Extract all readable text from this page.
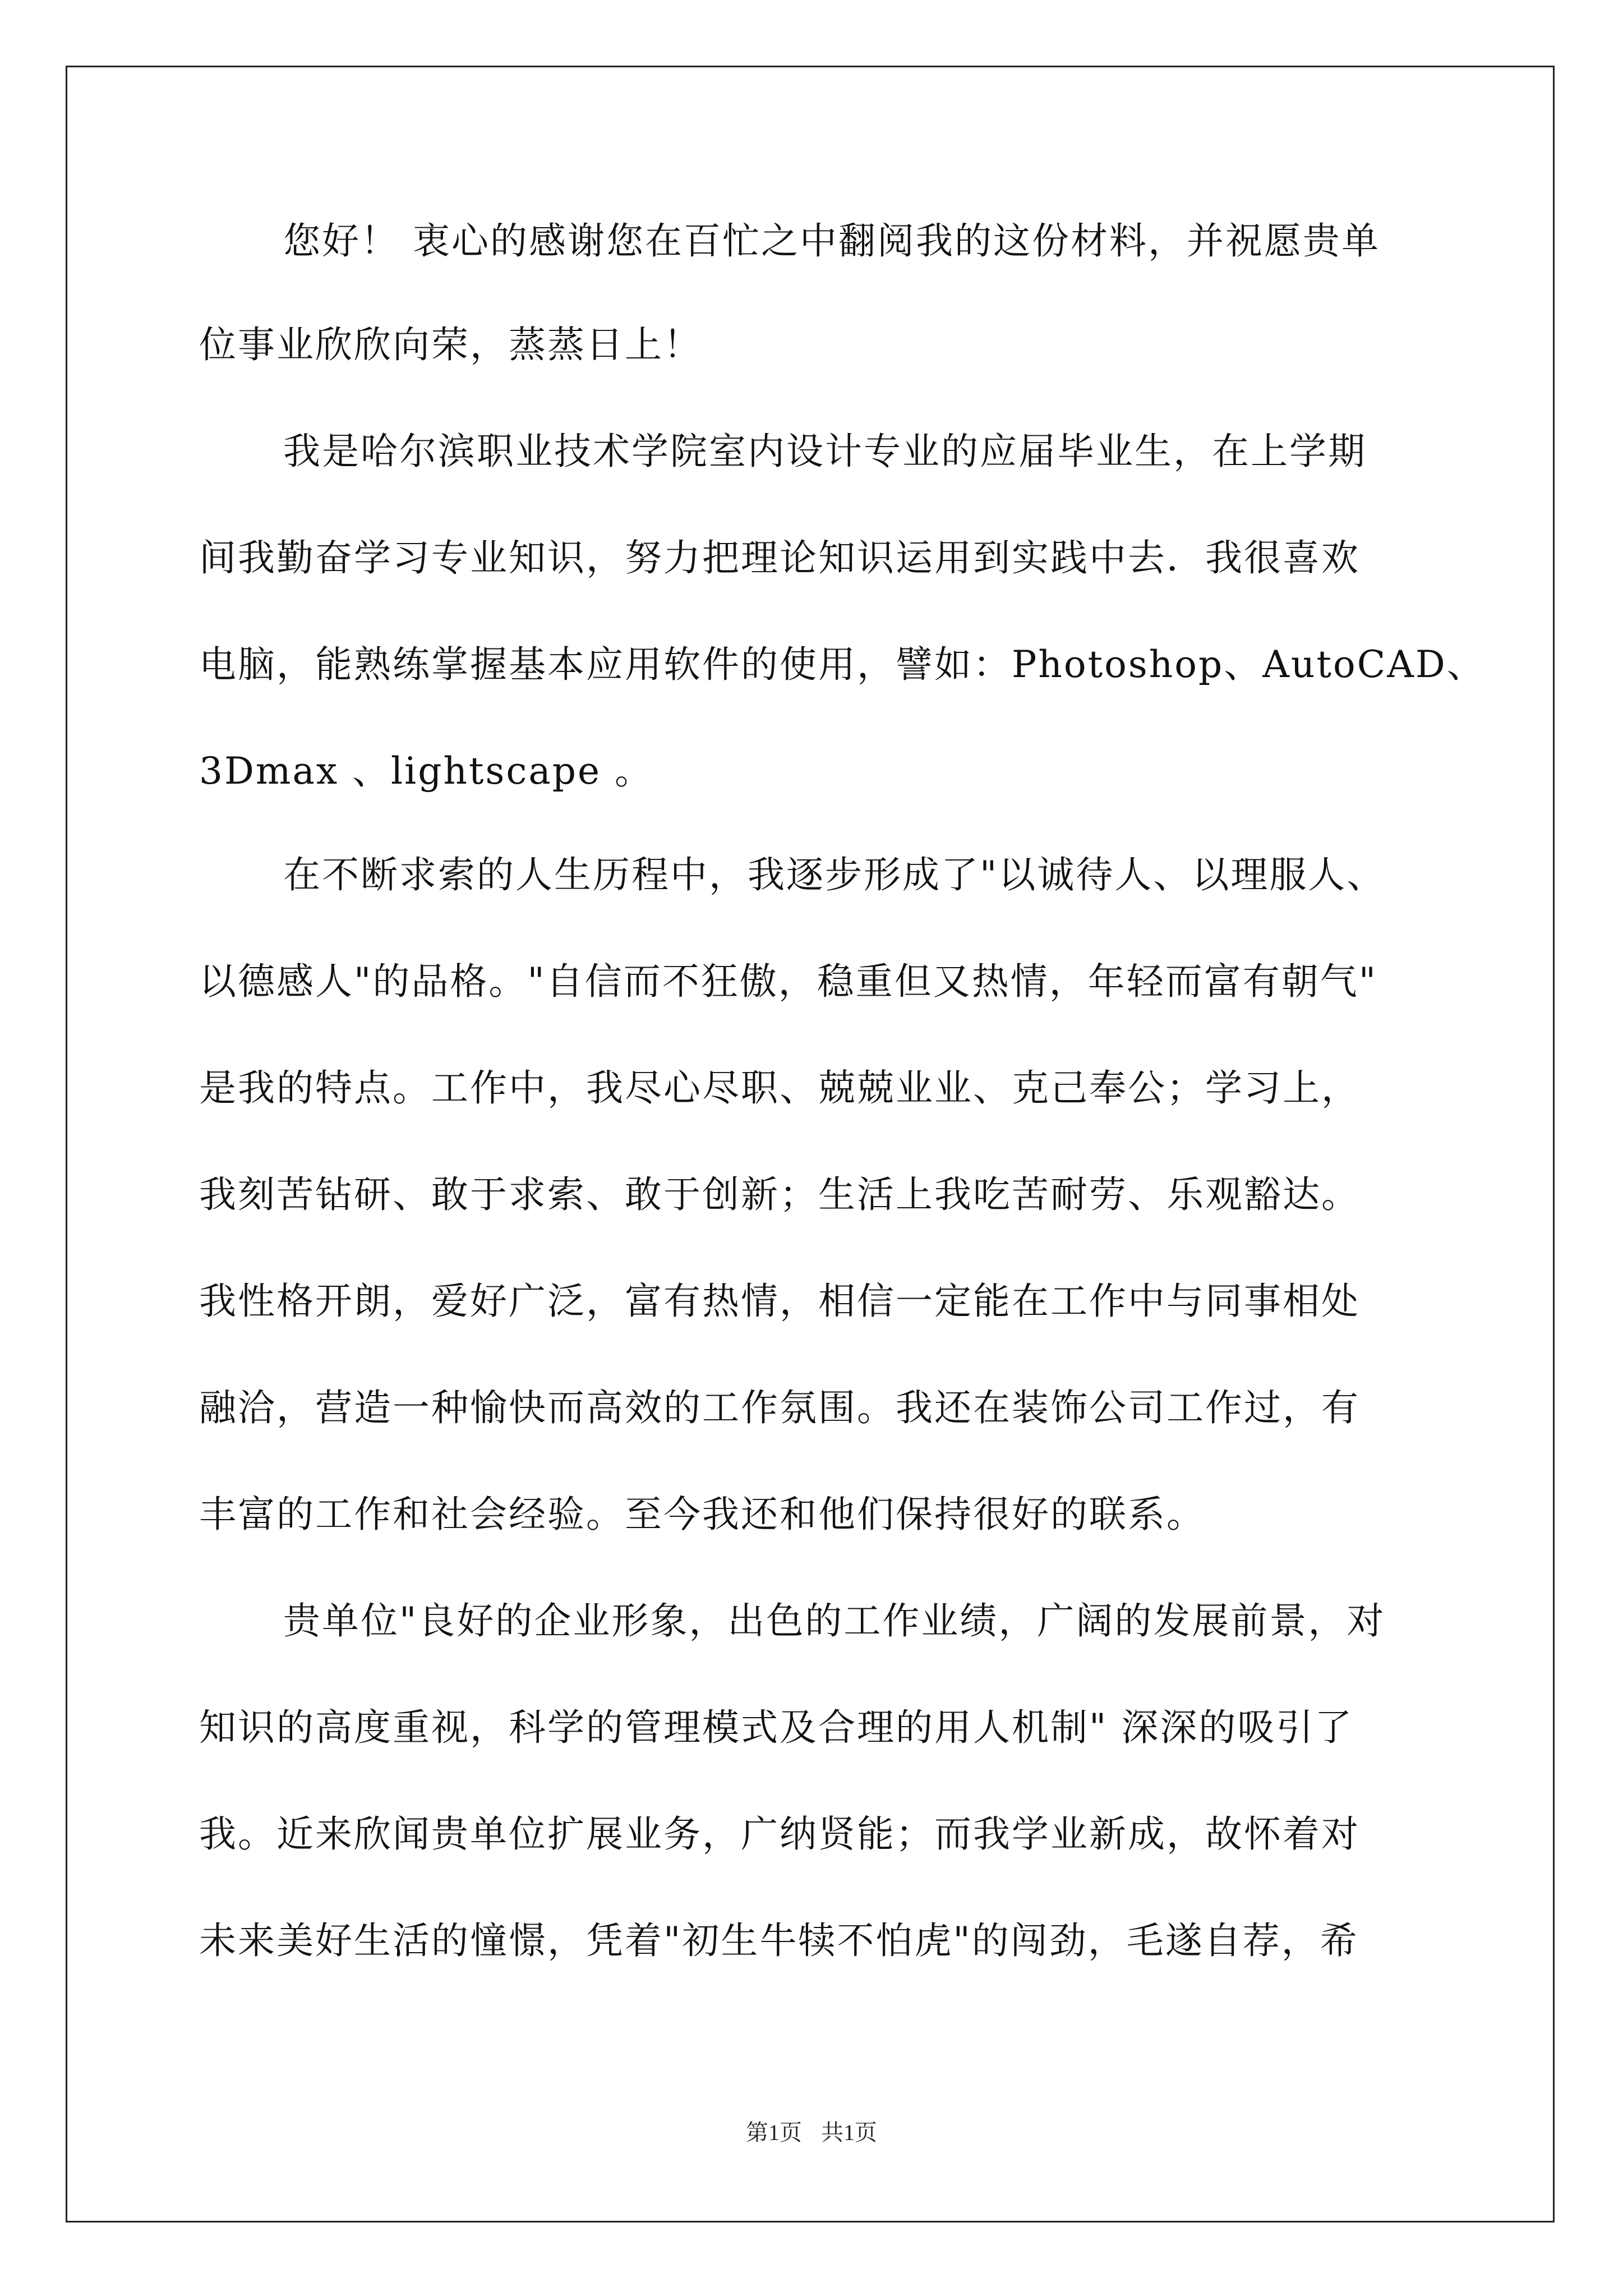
您好！ 衷心的感谢您在百忙之中翻阅我的这份材料，并祝愿贵单
位事业欣欣向荣，蒸蒸日上！
我是哈尔滨职业技术学院室内设计专业的应届毕业生，在上学期
间我勤奋学习专业知识，努力把理论知识运用到实践中去．我很喜欢
电脑，能熟练掌握基本应用软件的使用，譬如：Photoshop、AutoCAD、
3Dmax 、lightscape 。
在不断求索的人生历程中，我逐步形成了"以诚待人、以理服人、
以德感人"的品格。"自信而不狂傲，稳重但又热情，年轻而富有朝气"
是我的特点。工作中，我尽心尽职、兢兢业业、克己奉公；学习上，
我刻苦钻研、敢于求索、敢于创新；生活上我吃苦耐劳、乐观豁达。
我性格开朗，爱好广泛，富有热情，相信一定能在工作中与同事相处
融洽，营造一种愉快而高效的工作氛围。我还在装饰公司工作过，有
丰富的工作和社会经验。至今我还和他们保持很好的联系。
贵单位"良好的企业形象，出色的工作业绩，广阔的发展前景，对
知识的高度重视，科学的管理模式及合理的用人机制" 深深的吸引了
我。近来欣闻贵单位扩展业务，广纳贤能；而我学业新成，故怀着对
未来美好生活的憧憬，凭着"初生牛犊不怕虎"的闯劲，毛遂自荐，希
第1页 共1页
